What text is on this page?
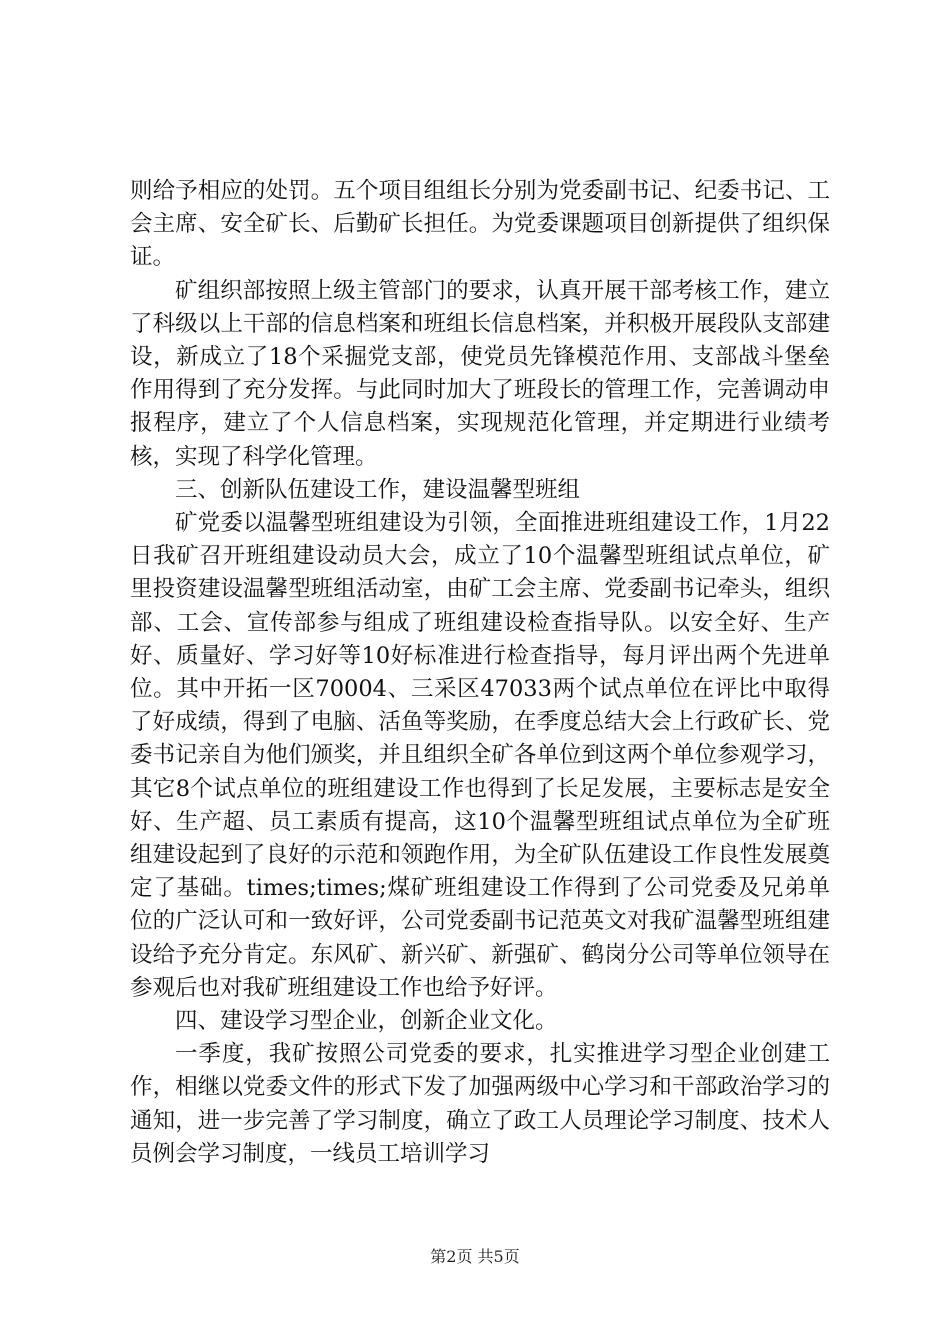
则给予相应的处罚。五个项目组组长分别为党委副书记、纪委书记、工会主席、安全矿长、后勤矿长担任。为党委课题项目创新提供了组织保证。

矿组织部按照上级主管部门的要求，认真开展干部考核工作，建立了科级以上干部的信息档案和班组长信息档案，并积极开展段队支部建设，新成立了18个采掘党支部，使党员先锋模范作用、支部战斗堡垒作用得到了充分发挥。与此同时加大了班段长的管理工作，完善调动申报程序，建立了个人信息档案，实现规范化管理，并定期进行业绩考核，实现了科学化管理。

三、创新队伍建设工作，建设温馨型班组

矿党委以温馨型班组建设为引领，全面推进班组建设工作，1月22日我矿召开班组建设动员大会，成立了10个温馨型班组试点单位，矿里投资建设温馨型班组活动室，由矿工会主席、党委副书记牵头，组织部、工会、宣传部参与组成了班组建设检查指导队。以安全好、生产好、质量好、学习好等10好标准进行检查指导，每月评出两个先进单位。其中开拓一区70004、三采区47033两个试点单位在评比中取得了好成绩，得到了电脑、活鱼等奖励，在季度总结大会上行政矿长、党委书记亲自为他们颁奖，并且组织全矿各单位到这两个单位参观学习，其它8个试点单位的班组建设工作也得到了长足发展，主要标志是安全好、生产超、员工素质有提高，这10个温馨型班组试点单位为全矿班组建设起到了良好的示范和领跑作用，为全矿队伍建设工作良性发展奠定了基础。times;times;煤矿班组建设工作得到了公司党委及兄弟单位的广泛认可和一致好评，公司党委副书记范英文对我矿温馨型班组建设给予充分肯定。东风矿、新兴矿、新强矿、鹤岗分公司等单位领导在参观后也对我矿班组建设工作也给予好评。

四、建设学习型企业，创新企业文化。

一季度，我矿按照公司党委的要求，扎实推进学习型企业创建工作，相继以党委文件的形式下发了加强两级中心学习和干部政治学习的通知，进一步完善了学习制度，确立了政工人员理论学习制度、技术人员例会学习制度，一线员工培训学习

第2页 共5页
